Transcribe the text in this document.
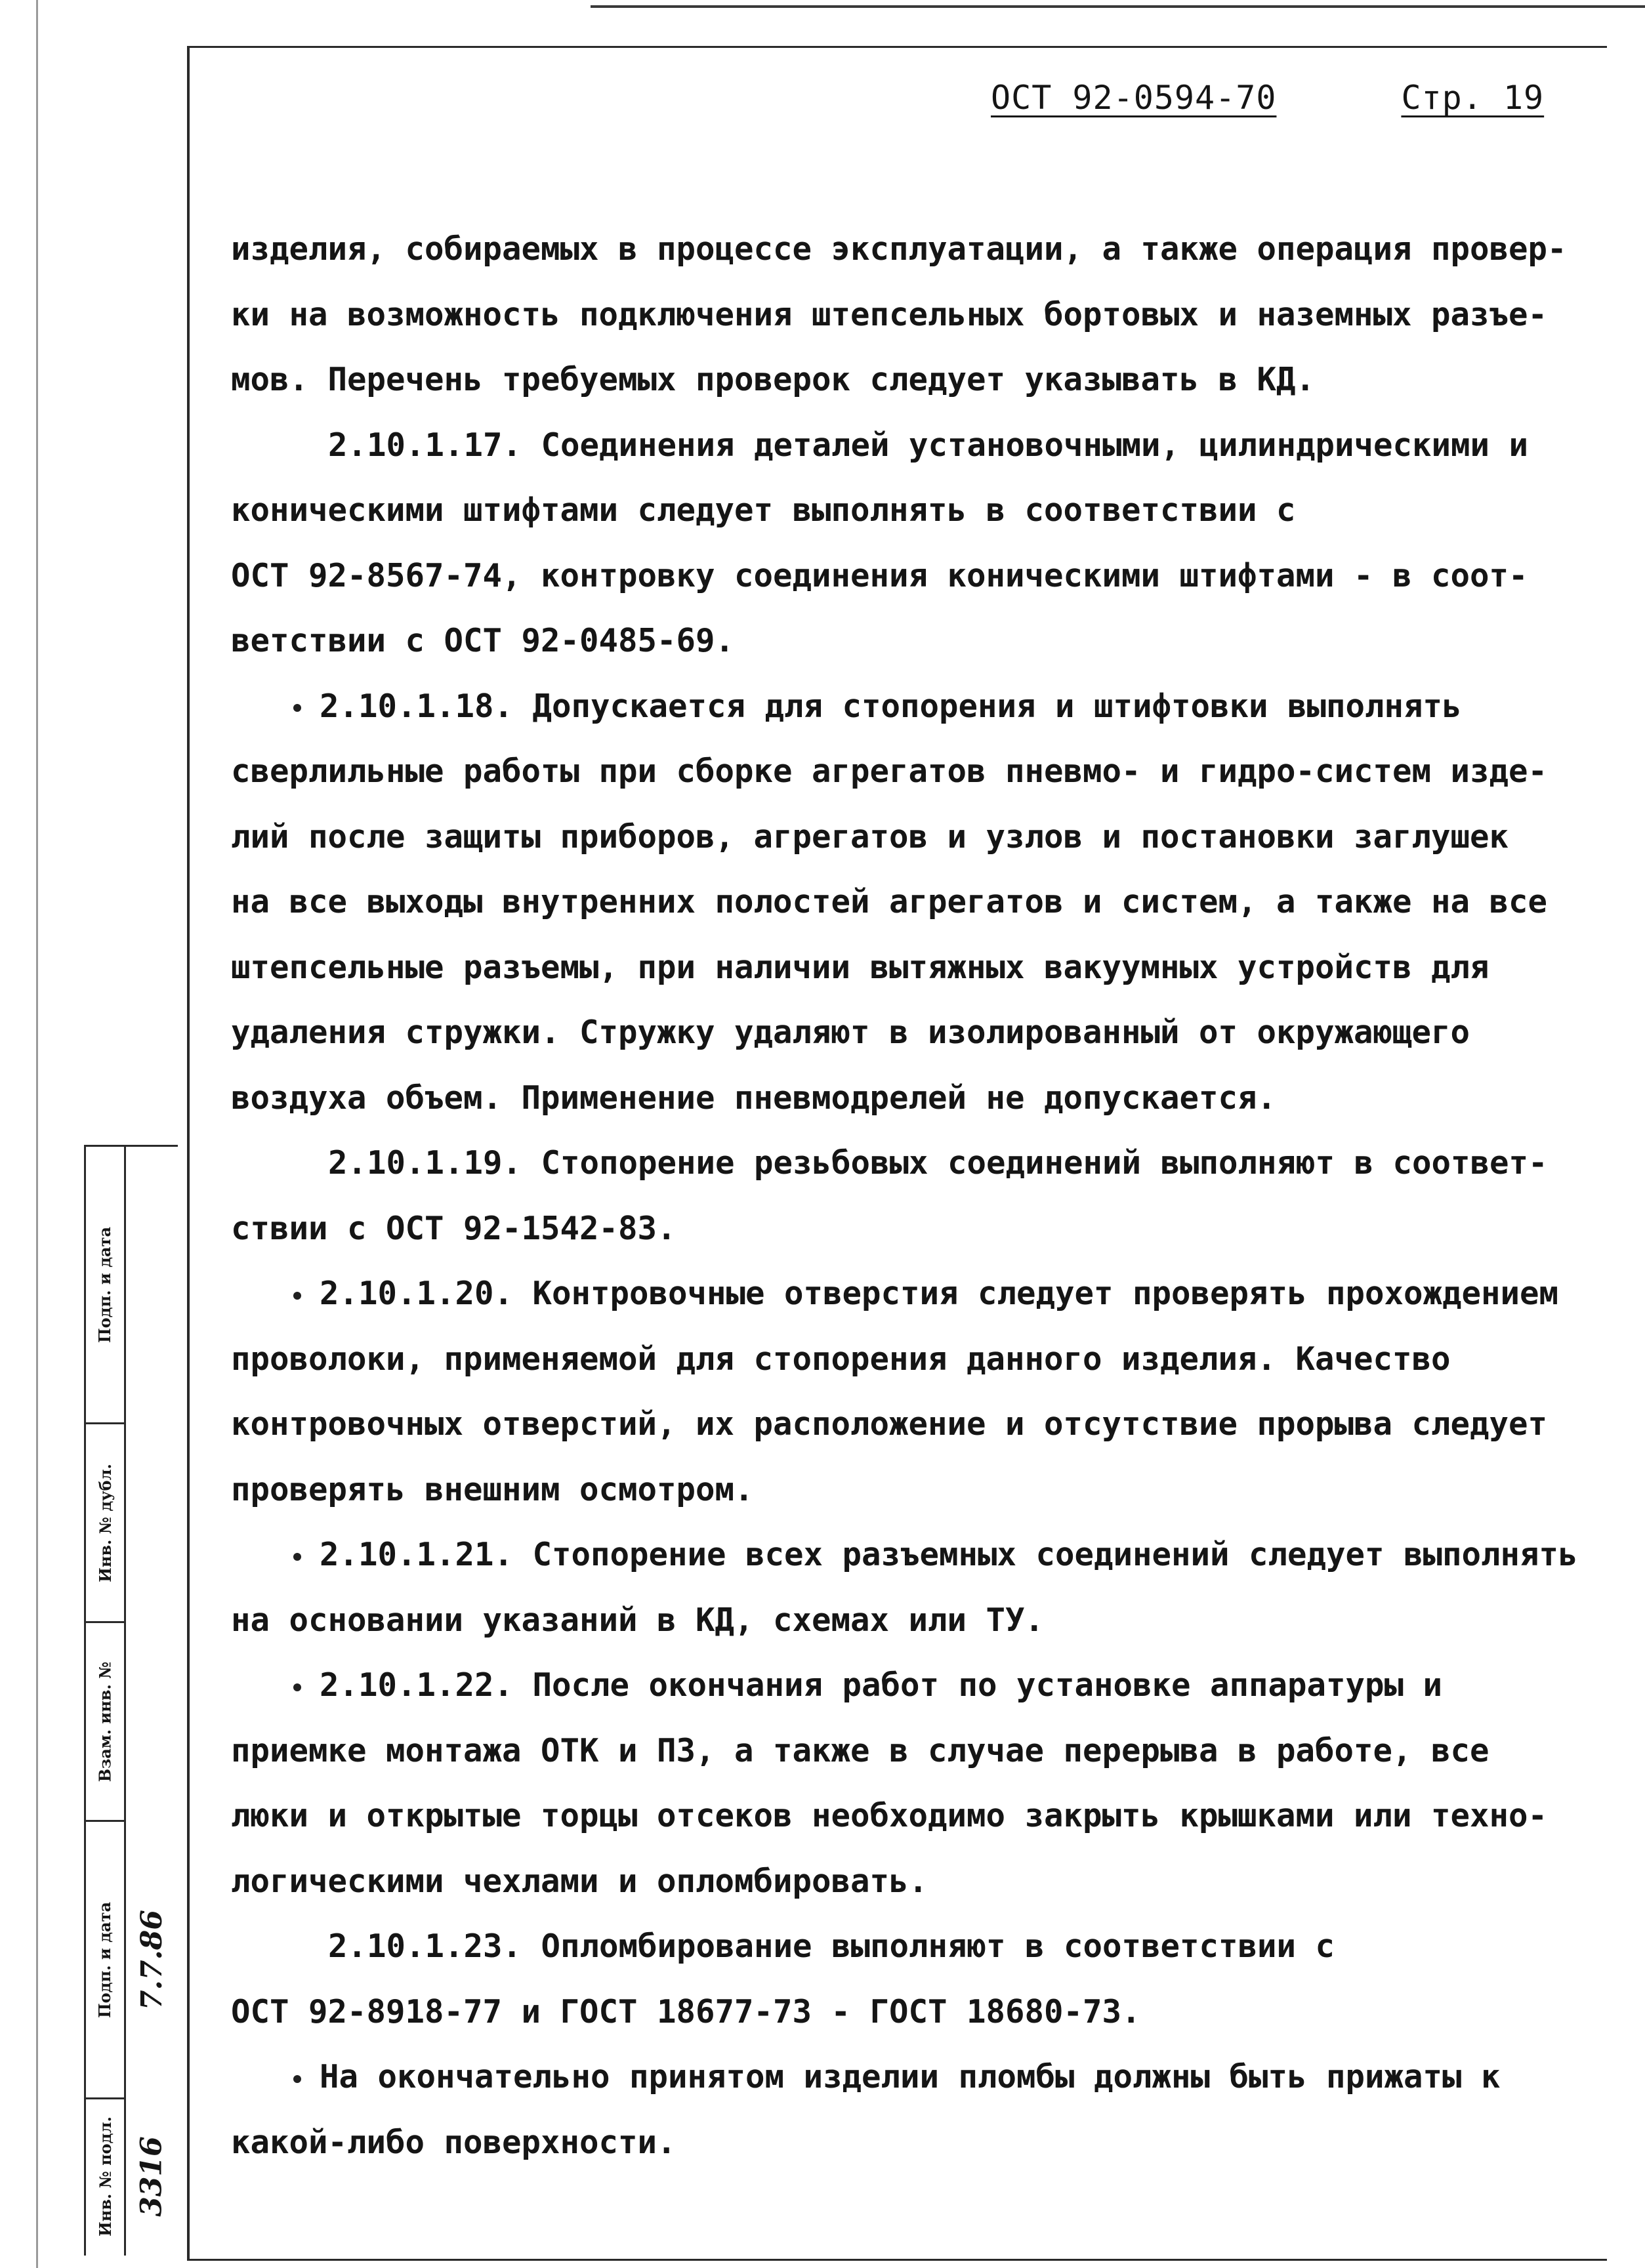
ОСТ 92-0594-70	Стр. 19

изделия, собираемых в процессе эксплуатации, а также операция провер-
ки на возможность подключения штепсельных бортовых и наземных разъе-
мов. Перечень требуемых проверок следует указывать в КД.

2.10.1.17. Соединения деталей установочными, цилиндрическими и
коническими штифтами следует выполнять в соответствии с
ОСТ 92-8567-74, контровку соединения коническими штифтами - в соот-
ветствии с ОСТ 92-0485-69.

2.10.1.18. Допускается для стопорения и штифтовки выполнять
сверлильные работы при сборке агрегатов пневмо- и гидро-систем изде-
лий после защиты приборов, агрегатов и узлов и постановки заглушек
на все выходы внутренних полостей агрегатов и систем, а также на все
штепсельные разъемы, при наличии вытяжных вакуумных устройств для
удаления стружки. Стружку удаляют в изолированный от окружающего
воздуха объем. Применение пневмодрелей не допускается.

2.10.1.19. Стопорение резьбовых соединений выполняют в соответ-
ствии с ОСТ 92-1542-83.

2.10.1.20. Контровочные отверстия следует проверять прохождением
проволоки, применяемой для стопорения данного изделия. Качество
контровочных отверстий, их расположение и отсутствие прорыва следует
проверять внешним осмотром.

2.10.1.21. Стопорение всех разъемных соединений следует выполнять
на основании указаний в КД, схемах или ТУ.

2.10.1.22. После окончания работ по установке аппаратуры и
приемке монтажа ОТК и ПЗ, а также в случае перерыва в работе, все
люки и открытые торцы отсеков необходимо закрыть крышками или техно-
логическими чехлами и опломбировать.

2.10.1.23. Опломбирование выполняют в соответствии с
ОСТ 92-8918-77 и ГОСТ 18677-73 - ГОСТ 18680-73.

На окончательно принятом изделии пломбы должны быть прижаты к
какой-либо поверхности.

Подп. и дата
Инв. № дубл.
Взам. инв. №
Подп. и дата
Инв. № подл.
7.7.86
3316
